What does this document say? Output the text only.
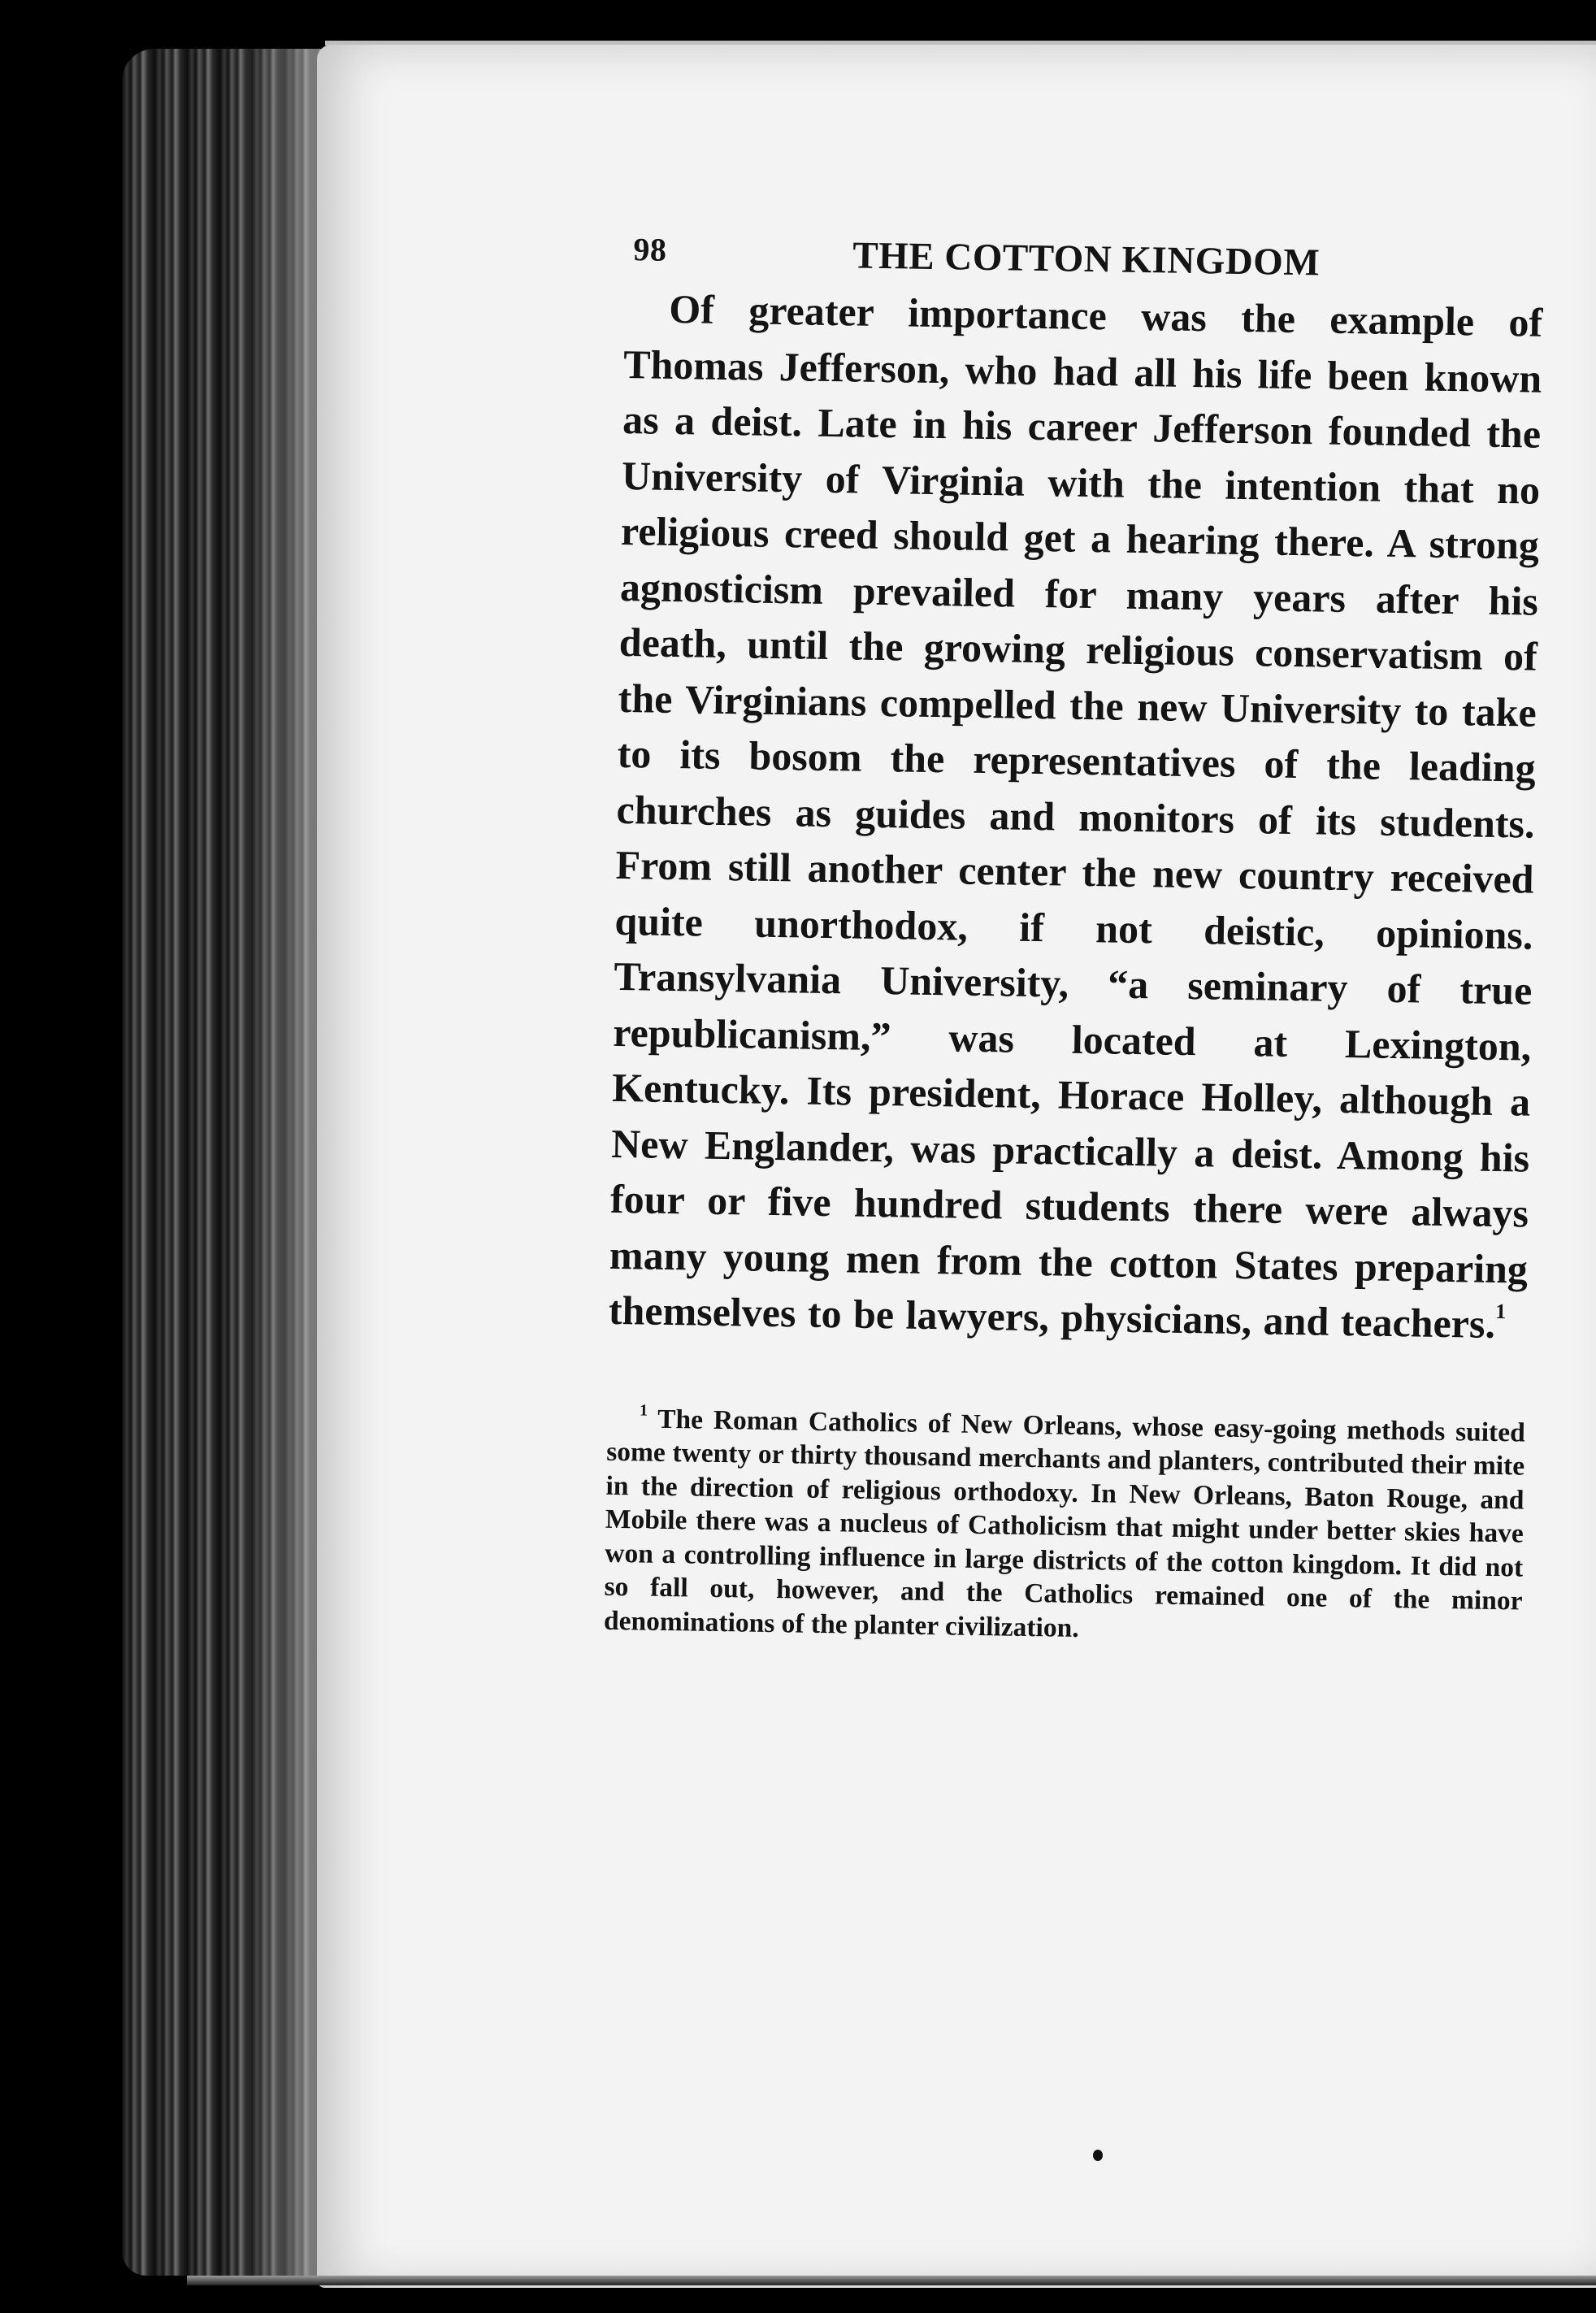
98	THE COTTON KINGDOM

Of greater importance was the example of Thomas Jefferson, who had all his life been known as a deist. Late in his career Jefferson founded the University of Virginia with the intention that no religious creed should get a hearing there. A strong agnosticism prevailed for many years after his death, until the growing religious conservatism of the Virginians compelled the new University to take to its bosom the representatives of the leading churches as guides and monitors of its students. From still another center the new country received quite unorthodox, if not deistic, opinions. Transylvania University, “a seminary of true republicanism,” was located at Lexington, Kentucky. Its president, Horace Holley, although a New Englander, was practically a deist. Among his four or five hundred students there were always many young men from the cotton States preparing themselves to be lawyers, physicians, and teachers.$^1$

$^1$ The Roman Catholics of New Orleans, whose easy-going methods suited some twenty or thirty thousand merchants and planters, contributed their mite in the direction of religious orthodoxy. In New Orleans, Baton Rouge, and Mobile there was a nucleus of Catholicism that might under better skies have won a controlling influence in large districts of the cotton kingdom. It did not so fall out, however, and the Catholics remained one of the minor denominations of the planter civilization.
